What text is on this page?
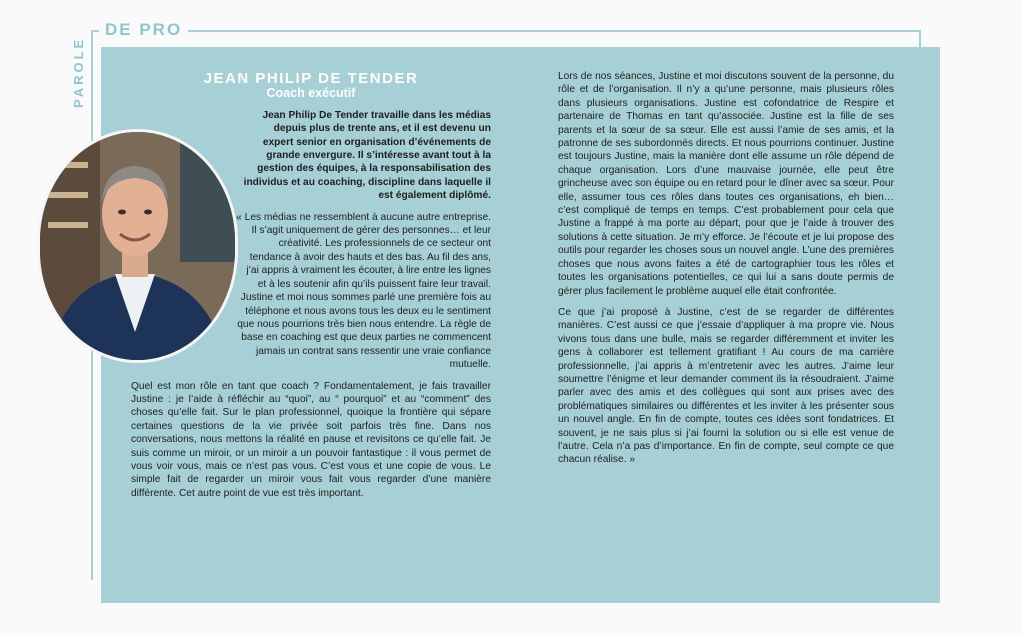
PAROLE
DE PRO
JEAN PHILIP DE TENDER
Coach exécutif
Jean Philip De Tender travaille dans les médias depuis plus de trente ans, et il est devenu un expert senior en organisation d’événements de grande envergure. Il s’intéresse avant tout à la gestion des équipes, à la responsabilisation des individus et au coaching, discipline dans laquelle il est également diplômé.
« Les médias ne ressemblent à aucune autre entreprise. Il s’agit uniquement de gérer des personnes… et leur créativité. Les professionnels de ce secteur ont tendance à avoir des hauts et des bas. Au fil des ans, j’ai appris à vraiment les écouter, à lire entre les lignes et à les soutenir afin qu’ils puissent faire leur travail. Justine et moi nous sommes parlé une première fois au téléphone et nous avons tous les deux eu le sentiment que nous pourrions très bien nous entendre. La règle de base en coaching est que deux parties ne commencent jamais un contrat sans ressentir une vraie confiance mutuelle.
Quel est mon rôle en tant que coach ? Fondamentalement, je fais travailler Justine : je l’aide à réfléchir au “quoi”, au “ pourquoi” et au “comment” des choses qu’elle fait. Sur le plan professionnel, quoique la frontière qui sépare certaines questions de la vie privée soit parfois très fine. Dans nos conversations, nous mettons la réalité en pause et revisitons ce qu’elle fait. Je suis comme un miroir, or un miroir a un pouvoir fantastique : il vous permet de vous voir vous, mais ce n’est pas vous. C’est vous et une copie de vous. Le simple fait de regarder un miroir vous fait vous regarder d’une manière différente. Cet autre point de vue est très important.
Lors de nos séances, Justine et moi discutons souvent de la personne, du rôle et de l’organisation. Il n’y a qu’une personne, mais plusieurs rôles dans plusieurs organisations. Justine est cofondatrice de Respire et partenaire de Thomas en tant qu’associée. Justine est la fille de ses parents et la sœur de sa sœur. Elle est aussi l’amie de ses amis, et la patronne de ses subordonnés directs. Et nous pourrions continuer. Justine est toujours Justine, mais la manière dont elle assume un rôle dépend de chaque organisation. Lors d’une mauvaise journée, elle peut être grincheuse avec son équipe ou en retard pour le dîner avec sa sœur. Pour elle, assumer tous ces rôles dans toutes ces organisations, eh bien… c’est compliqué de temps en temps. C’est probablement pour cela que Justine a frappé à ma porte au départ, pour que je l’aide à trouver des solutions à cette situation. Je m’y efforce. Je l’écoute et je lui propose des outils pour regarder les choses sous un nouvel angle. L’une des premières choses que nous avons faites a été de cartographier tous les rôles et toutes les organisations potentielles, ce qui lui a sans doute permis de gérer plus facilement le problème auquel elle était confrontée.
Ce que j’ai proposé à Justine, c’est de se regarder de différentes manières. C’est aussi ce que j’essaie d’appliquer à ma propre vie. Nous vivons tous dans une bulle, mais se regarder différemment et inviter les gens à collaborer est tellement gratifiant ! Au cours de ma carrière professionnelle, j’ai appris à m’entretenir avec les autres. J’aime leur soumettre l’énigme et leur demander comment ils la résoudraient. J’aime parler avec des amis et des collègues qui sont aux prises avec des problématiques similaires ou différentes et les inviter à les présenter sous un nouvel angle. En fin de compte, toutes ces idées sont fondatrices. Et souvent, je ne sais plus si j’ai fourni la solution ou si elle est venue de l’autre. Cela n’a pas d’importance. En fin de compte, seul compte ce que chacun réalise. »
